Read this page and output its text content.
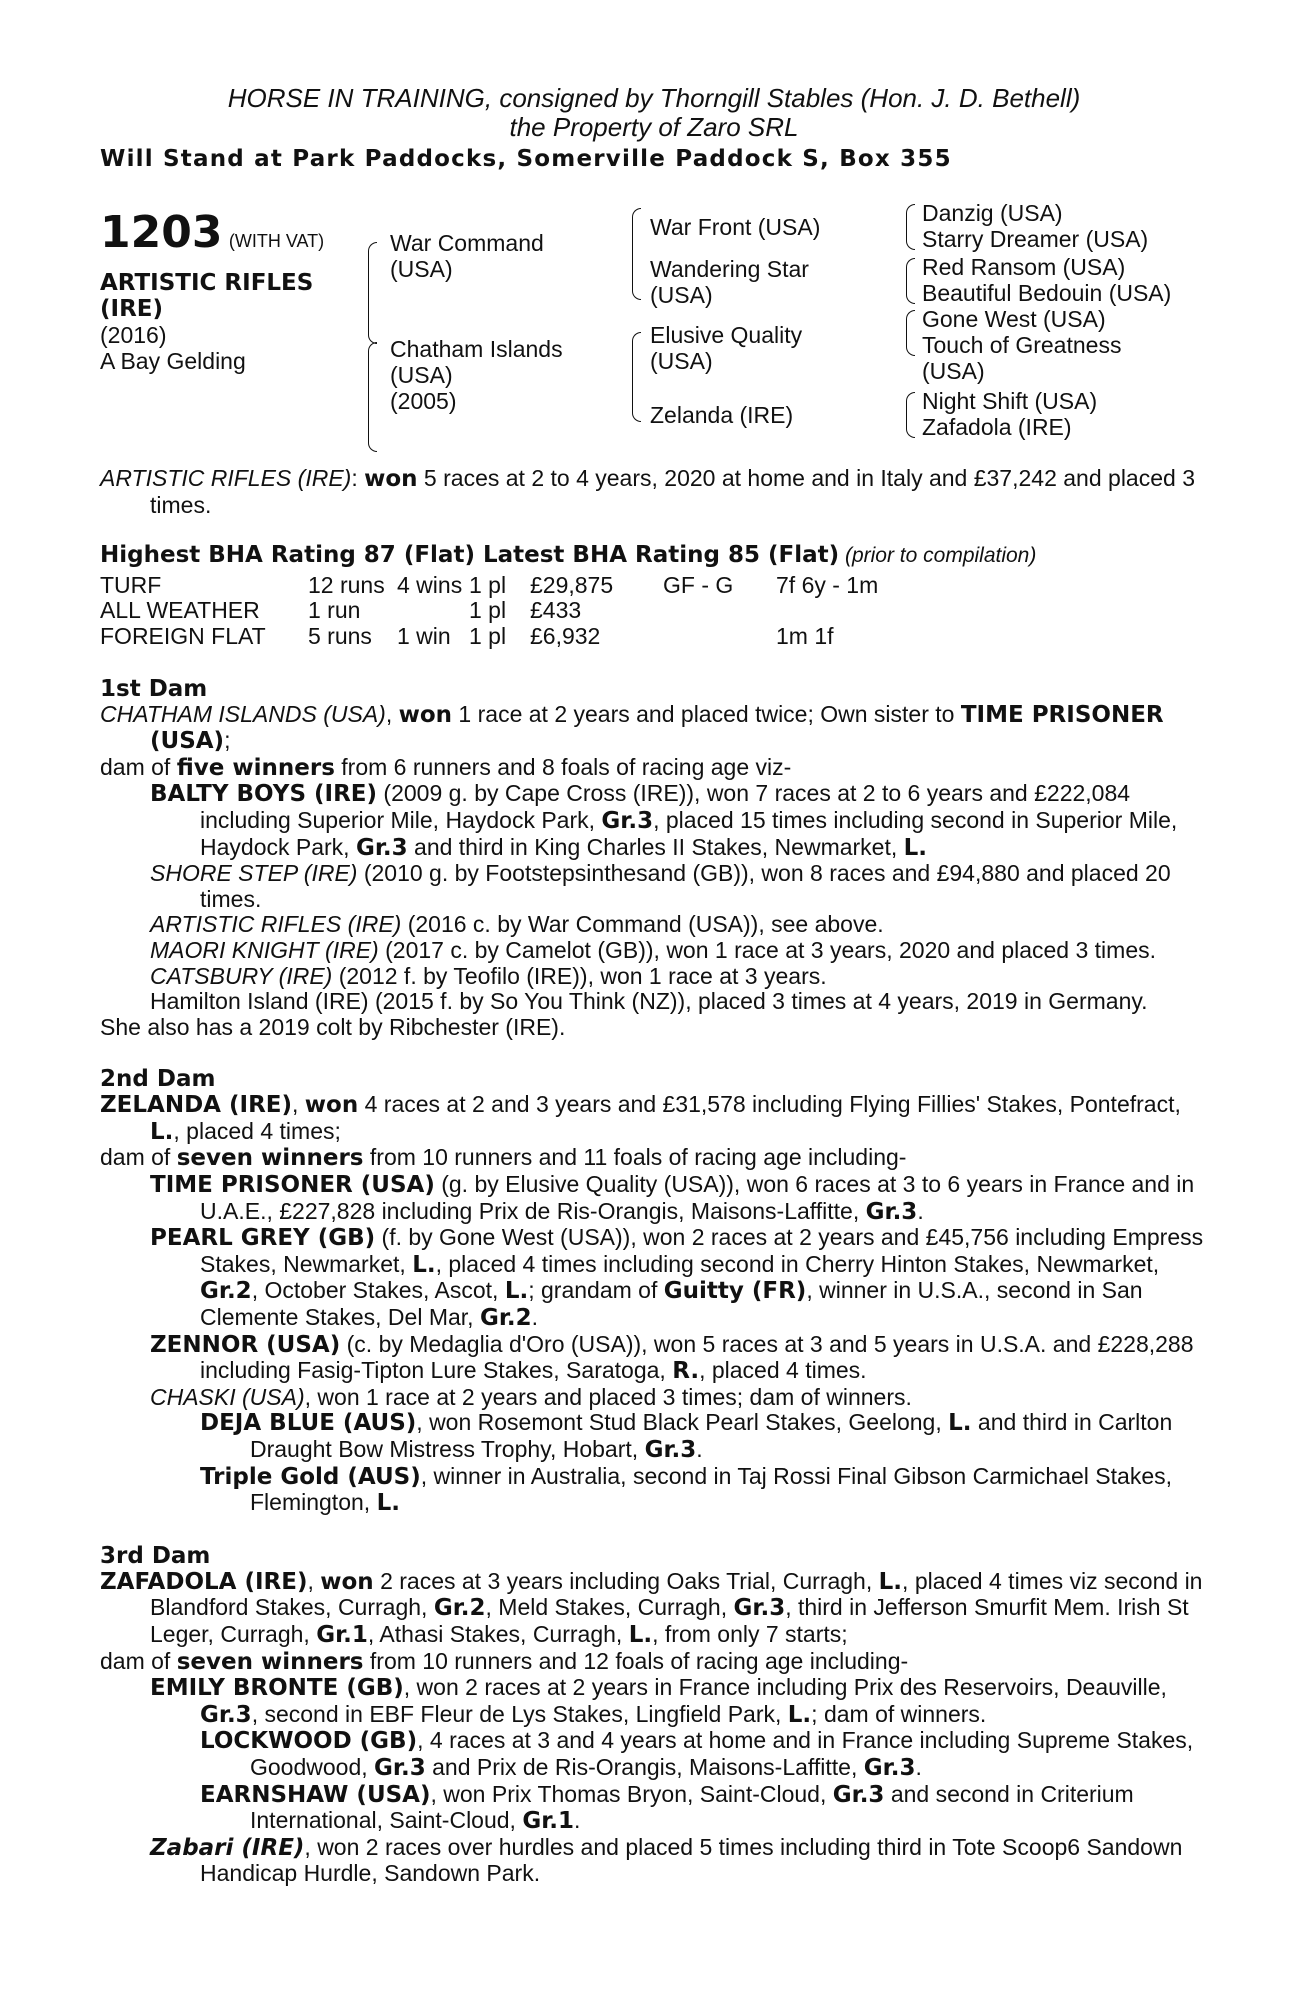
HORSE IN TRAINING, consigned by Thorngill Stables (Hon. J. D. Bethell)
the Property of Zaro SRL
Will Stand at Park Paddocks, Somerville Paddock S, Box 355
1203 (WITH VAT)
ARTISTIC RIFLES
(IRE)
(2016)
A Bay Gelding
War Command
(USA)
Chatham Islands
(USA)
(2005)
War Front (USA)
Wandering Star
(USA)
Elusive Quality
(USA)
Zelanda (IRE)
Danzig (USA)
Starry Dreamer (USA)
Red Ransom (USA)
Beautiful Bedouin (USA)
Gone West (USA)
Touch of Greatness
(USA)
Night Shift (USA)
Zafadola (IRE)

ARTISTIC RIFLES (IRE): won 5 races at 2 to 4 years, 2020 at home and in Italy and £37,242 and placed 3 times.

Highest BHA Rating 87 (Flat) Latest BHA Rating 85 (Flat) (prior to compilation)
TURF	12 runs 4 wins 1 pl £29,875 GF - G 7f 6y - 1m
ALL WEATHER 1 run	1 pl £433
FOREIGN FLAT 5 runs 1 win 1 pl £6,932	1m 1f
1st Dam

CHATHAM ISLANDS (USA), won 1 race at 2 years and placed twice; Own sister to TIME PRISONER (USA);

dam of five winners from 6 runners and 8 foals of racing age viz-

BALTY BOYS (IRE) (2009 g. by Cape Cross (IRE)), won 7 races at 2 to 6 years and £222,084 including Superior Mile, Haydock Park, Gr.3, placed 15 times including second in Superior Mile, Haydock Park, Gr.3 and third in King Charles II Stakes, Newmarket, L.

SHORE STEP (IRE) (2010 g. by Footstepsinthesand (GB)), won 8 races and £94,880 and placed 20 times.

ARTISTIC RIFLES (IRE) (2016 c. by War Command (USA)), see above.

MAORI KNIGHT (IRE) (2017 c. by Camelot (GB)), won 1 race at 3 years, 2020 and placed 3 times.

CATSBURY (IRE) (2012 f. by Teofilo (IRE)), won 1 race at 3 years.

Hamilton Island (IRE) (2015 f. by So You Think (NZ)), placed 3 times at 4 years, 2019 in Germany.

She also has a 2019 colt by Ribchester (IRE).

2nd Dam

ZELANDA (IRE), won 4 races at 2 and 3 years and £31,578 including Flying Fillies' Stakes, Pontefract, L., placed 4 times;

dam of seven winners from 10 runners and 11 foals of racing age including-

TIME PRISONER (USA) (g. by Elusive Quality (USA)), won 6 races at 3 to 6 years in France and in U.A.E., £227,828 including Prix de Ris-Orangis, Maisons-Laffitte, Gr.3.

PEARL GREY (GB) (f. by Gone West (USA)), won 2 races at 2 years and £45,756 including Empress Stakes, Newmarket, L., placed 4 times including second in Cherry Hinton Stakes, Newmarket, Gr.2, October Stakes, Ascot, L.; grandam of Guitty (FR), winner in U.S.A., second in San Clemente Stakes, Del Mar, Gr.2.

ZENNOR (USA) (c. by Medaglia d'Oro (USA)), won 5 races at 3 and 5 years in U.S.A. and £228,288 including Fasig-Tipton Lure Stakes, Saratoga, R., placed 4 times.

CHASKI (USA), won 1 race at 2 years and placed 3 times; dam of winners.

DEJA BLUE (AUS), won Rosemont Stud Black Pearl Stakes, Geelong, L. and third in Carlton Draught Bow Mistress Trophy, Hobart, Gr.3.

Triple Gold (AUS), winner in Australia, second in Taj Rossi Final Gibson Carmichael Stakes, Flemington, L.

3rd Dam

ZAFADOLA (IRE), won 2 races at 3 years including Oaks Trial, Curragh, L., placed 4 times viz second in Blandford Stakes, Curragh, Gr.2, Meld Stakes, Curragh, Gr.3, third in Jefferson Smurfit Mem. Irish St Leger, Curragh, Gr.1, Athasi Stakes, Curragh, L., from only 7 starts;

dam of seven winners from 10 runners and 12 foals of racing age including-

EMILY BRONTE (GB), won 2 races at 2 years in France including Prix des Reservoirs, Deauville, Gr.3, second in EBF Fleur de Lys Stakes, Lingfield Park, L.; dam of winners.

LOCKWOOD (GB), 4 races at 3 and 4 years at home and in France including Supreme Stakes, Goodwood, Gr.3 and Prix de Ris-Orangis, Maisons-Laffitte, Gr.3.

EARNSHAW (USA), won Prix Thomas Bryon, Saint-Cloud, Gr.3 and second in Criterium International, Saint-Cloud, Gr.1.

Zabari (IRE), won 2 races over hurdles and placed 5 times including third in Tote Scoop6 Sandown Handicap Hurdle, Sandown Park.
